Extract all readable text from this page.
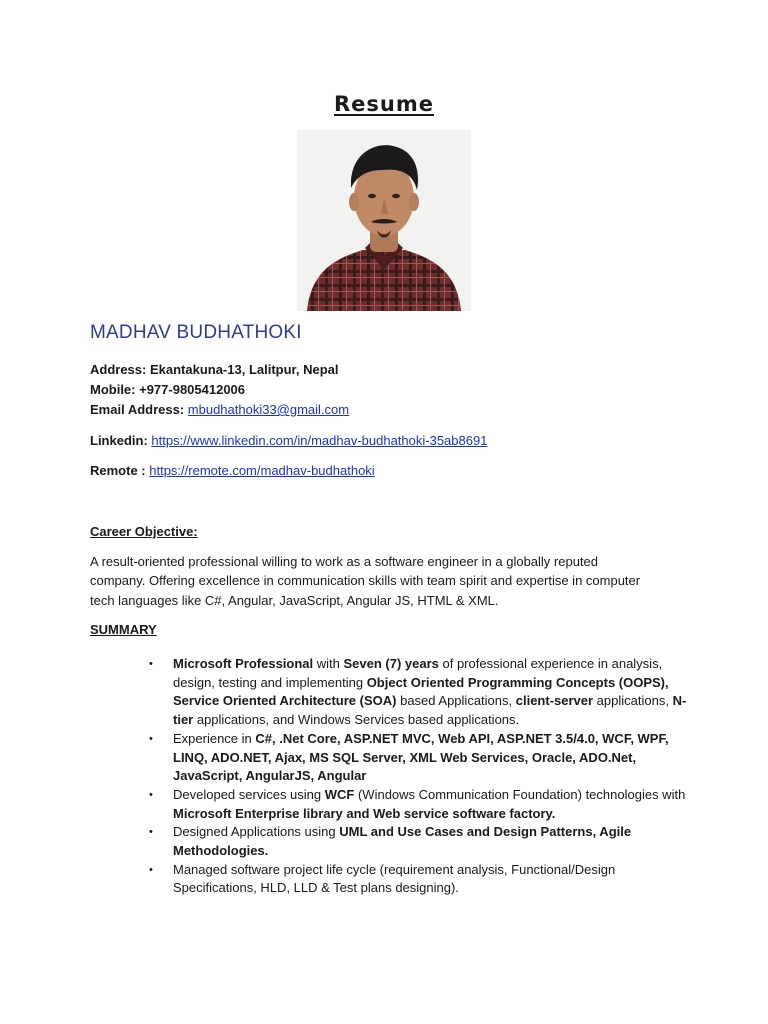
Resume
MADHAV BUDHATHOKI
Address: Ekantakuna-13, Lalitpur, Nepal
Mobile: +977-9805412006
Email Address: mbudhathoki33@gmail.com
Linkedin: https://www.linkedin.com/in/madhav-budhathoki-35ab8691
Remote : https://remote.com/madhav-budhathoki
Career Objective:
A result-oriented professional willing to work as a software engineer in a globally reputed company. Offering excellence in communication skills with team spirit and expertise in computer tech languages like C#, Angular, JavaScript, Angular JS, HTML & XML.
SUMMARY
• Microsoft Professional with Seven (7) years of professional experience in analysis, design, testing and implementing Object Oriented Programming Concepts (OOPS), Service Oriented Architecture (SOA) based Applications, client-server applications, N-tier applications, and Windows Services based applications.
• Experience in C#, .Net Core, ASP.NET MVC, Web API, ASP.NET 3.5/4.0, WCF, WPF, LINQ, ADO.NET, Ajax, MS SQL Server, XML Web Services, Oracle, ADO.Net, JavaScript, AngularJS, Angular
• Developed services using WCF (Windows Communication Foundation) technologies with Microsoft Enterprise library and Web service software factory.
• Designed Applications using UML and Use Cases and Design Patterns, Agile Methodologies.
• Managed software project life cycle (requirement analysis, Functional/Design Specifications, HLD, LLD & Test plans designing).
